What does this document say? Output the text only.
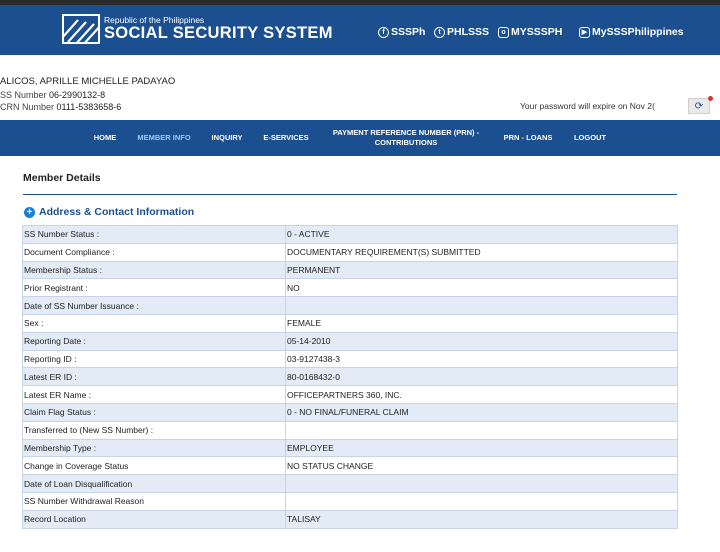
Republic of the Philippines
SOCIAL SECURITY SYSTEM	f SSSPh	t PHLSSS	o MYSSSPH	▶ MySSSPhilippines
ALICOS, APRILLE MICHELLE PADAYAO
SS Number 06-2990132-8
CRN Number 0111-5383658-6	Your password will expire on Nov 2(	⟳
HOME	MEMBER INFO	INQUIRY	E-SERVICES
PAYMENT REFERENCE NUMBER (PRN) - CONTRIBUTIONS
PRN - LOANS	LOGOUT
Member Details
+ Address & Contact Information
SS Number Status :	0 - ACTIVE
Document Compliance :	DOCUMENTARY REQUIREMENT(S) SUBMITTED
Membership Status :	PERMANENT
Prior Registrant :	NO
Date of SS Number Issuance :	
Sex :	FEMALE
Reporting Date :	05-14-2010
Reporting ID :	03-9127438-3
Latest ER ID :	80-0168432-0
Latest ER Name :	OFFICEPARTNERS 360, INC.
Claim Flag Status :	0 - NO FINAL/FUNERAL CLAIM
Transferred to (New SS Number) :	
Membership Type :	EMPLOYEE
Change in Coverage Status	NO STATUS CHANGE
Date of Loan Disqualification	
SS Number Withdrawal Reason	
Record Location	TALISAY
